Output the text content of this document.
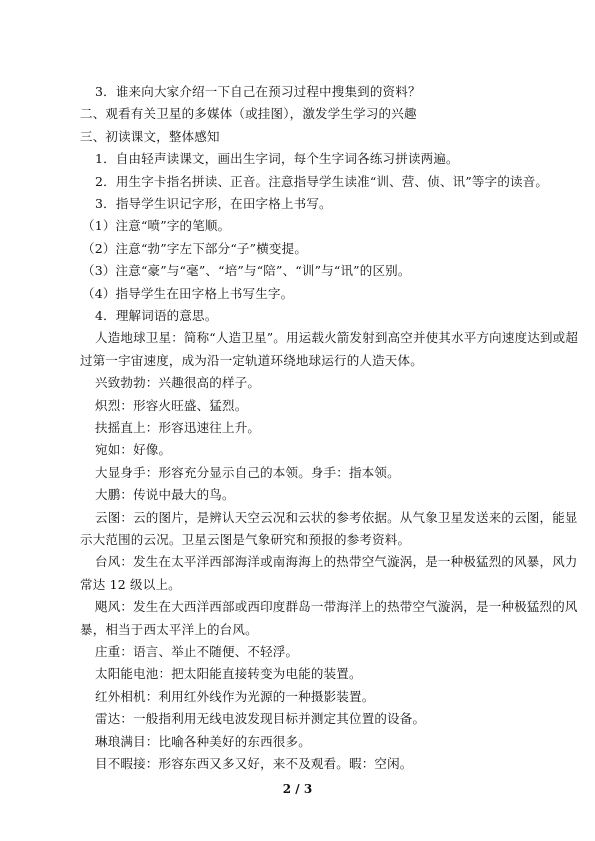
3．谁来向大家介绍一下自己在预习过程中搜集到的资料？
二、观看有关卫星的多媒体（或挂图），激发学生学习的兴趣
三、初读课文，整体感知
1．自由轻声读课文，画出生字词，每个生字词各练习拼读两遍。
2．用生字卡指名拼读、正音。注意指导学生读准“训、营、侦、讯”等字的读音。
3．指导学生识记字形，在田字格上书写。
（1）注意“喷”字的笔顺。
（2）注意“勃”字左下部分“子”横变提。
（3）注意“豪”与“毫”、“培”与“陪”、“训”与“讯”的区别。
（4）指导学生在田字格上书写生字。
4．理解词语的意思。
人造地球卫星：简称“人造卫星”。用运载火箭发射到高空并使其水平方向速度达到或超
过第一宇宙速度，成为沿一定轨道环绕地球运行的人造天体。
兴致勃勃：兴趣很高的样子。
炽烈：形容火旺盛、猛烈。
扶摇直上：形容迅速往上升。
宛如：好像。
大显身手：形容充分显示自己的本领。身手：指本领。
大鹏：传说中最大的鸟。
云图：云的图片，是辨认天空云况和云状的参考依据。从气象卫星发送来的云图，能显
示大范围的云况。卫星云图是气象研究和预报的参考资料。
台风：发生在太平洋西部海洋或南海海上的热带空气漩涡，是一种极猛烈的风暴，风力
常达 12 级以上。
飓风：发生在大西洋西部或西印度群岛一带海洋上的热带空气漩涡，是一种极猛烈的风
暴，相当于西太平洋上的台风。
庄重：语言、举止不随便、不轻浮。
太阳能电池：把太阳能直接转变为电能的装置。
红外相机：利用红外线作为光源的一种摄影装置。
雷达：一般指利用无线电波发现目标并测定其位置的设备。
琳琅满目：比喻各种美好的东西很多。
目不暇接：形容东西又多又好，来不及观看。暇：空闲。
2 / 3
